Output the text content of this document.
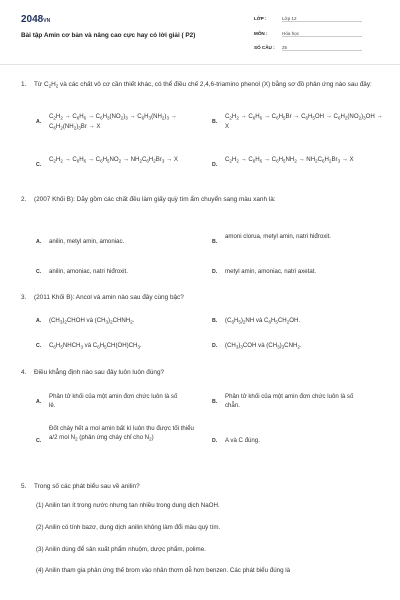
2048VN
Bài tập Amin cơ bản và nâng cao cực hay có lời giải ( P2)
LỚP :	Lớp 12
MÔN :	Hóa học
SỐ CÂU : 25
1. Từ $C_2H_2$ và các chất vô cơ cần thiết khác, có thể điều chế 2,4,6-triamino phenol (X) bằng sơ đồ phản ứng nào sau đây:
A.
$C_2H_2 \to C_6H_6 \to C_6H_3(NO_2)_3 \to C_6H_3(NH_2)_3 \to C_6H_2(NH_2)_3Br \to X$
B.
$C_2H_2 \to C_6H_6 \to C_6H_5Br \to C_6H_5OH \to C_6H_2(NO_2)_3OH \to X$
C.
$C_2H_2 \to C_6H_6 \to C_6H_5NO_2 \to NH_2C_6H_2Br_3 \to X$
D.
$C_2H_2 \to C_6H_6 \to C_6H_5NH_2 \to NH_2C_6H_2Br_3 \to X$
2. (2007 Khối B): Dãy gồm các chất đều làm giấy quỳ tím ẩm chuyển sang màu xanh là:
A. anilin, metyl amin, amoniac.	B.
amoni clorua, metyl amin, natri hiđroxit.
C. anilin, amoniac, natri hiđroxit.	D. metyl amin, amoniac, natri axetat.
3. (2011 Khối B): Ancol và amin nào sau đây cùng bậc?
A. $(CH_3)_2CHOH$ và $(CH_3)_2CHNH_2$.	B. $(C_6H_5)_2NH$ và $C_6H_5CH_2OH$.
C. $C_6H_5NHCH_3$ và $C_6H_5CH(OH)CH_3$.	D. $(CH_3)_3COH$ và $(CH_3)_3CNH_2$.
4. Điều khẳng định nào sau đây luôn luôn đúng?
A.
Phân tử khối của một amin đơn chức luôn là số lẻ.	B.
Phân tử khối của một amin đơn chức luôn là số chẵn.
C.
Đốt cháy hết a mol amin bất kì luôn thu được tối thiểu a/2 mol $N_2$ (phản ứng cháy chỉ cho $N_2$)
D. A và C đúng.
5. Trong số các phát biểu sau về anilin?
(1) Anilin tan ít trong nước nhưng tan nhiều trong dung dịch NaOH.
(2) Anilin có tính bazơ, dung dịch anilin không làm đổi màu quỳ tím.
(3) Anilin dùng để sản xuất phẩm nhuộm, dược phẩm, polime.
(4) Anilin tham gia phản ứng thế brom vào nhân thơm dễ hơn benzen. Các phát biểu đúng là
